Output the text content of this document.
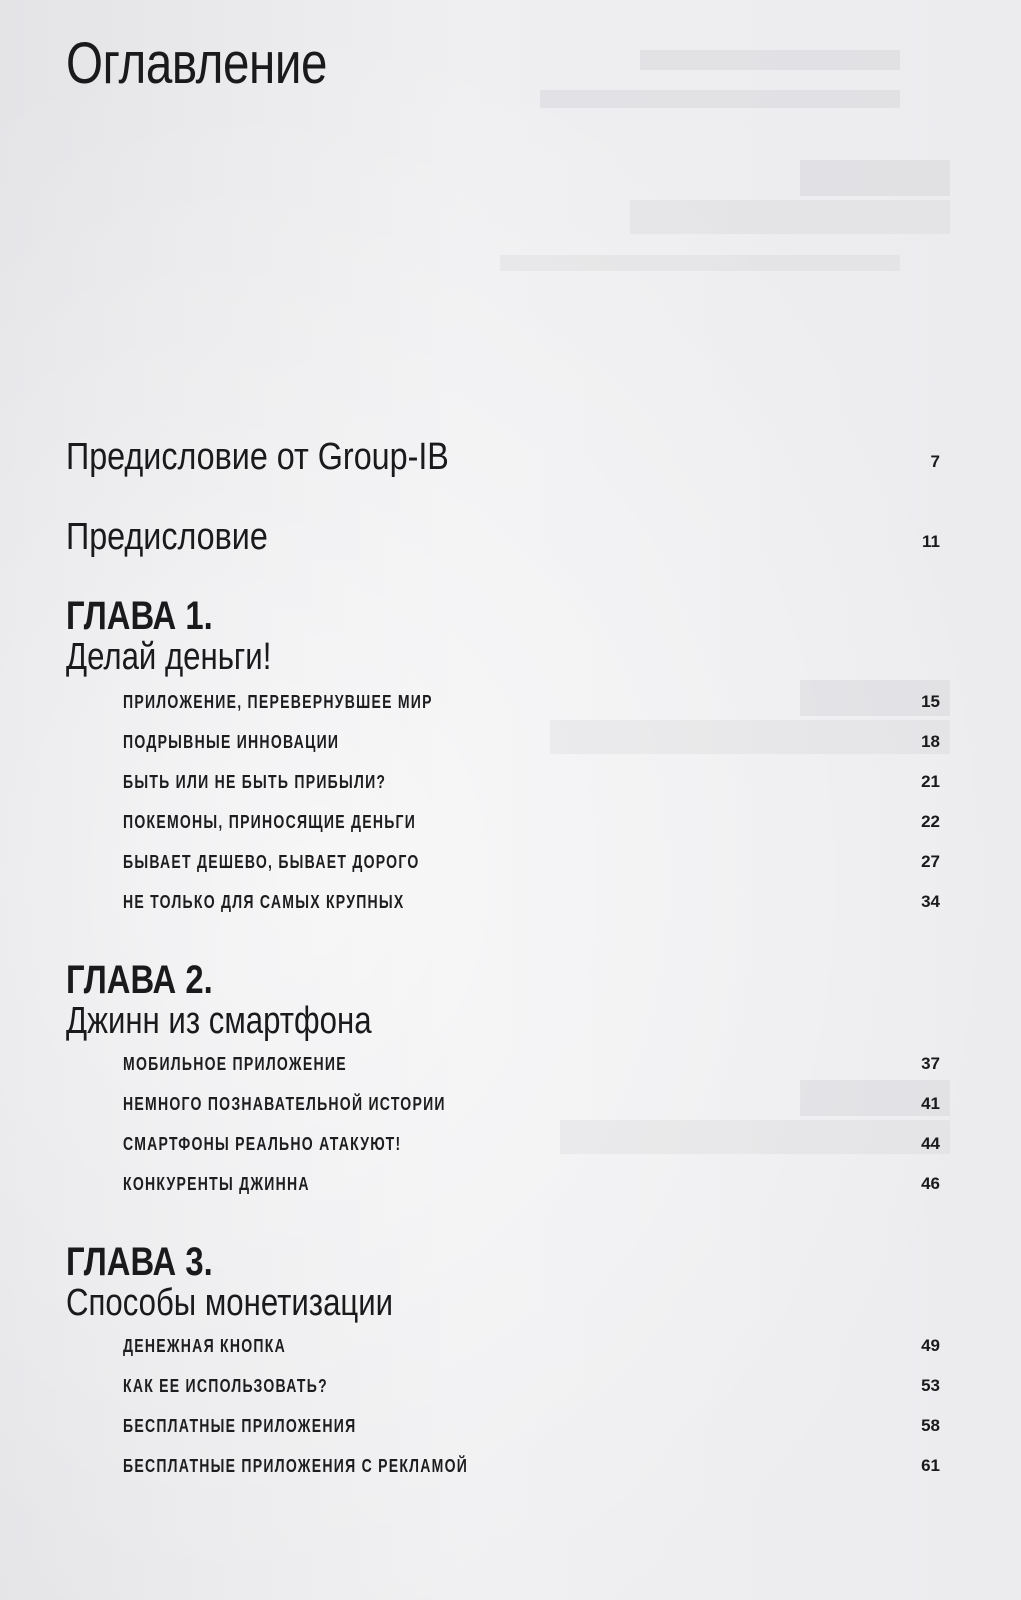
Оглавление
Предисловие от Group-IB	7
Предисловие	11
ГЛАВА 1.
Делай деньги!
ПРИЛОЖЕНИЕ, ПЕРЕВЕРНУВШЕЕ МИР	15
ПОДРЫВНЫЕ ИННОВАЦИИ	18
БЫТЬ ИЛИ НЕ БЫТЬ ПРИБЫЛИ?	21
ПОКЕМОНЫ, ПРИНОСЯЩИЕ ДЕНЬГИ	22
БЫВАЕТ ДЕШЕВО, БЫВАЕТ ДОРОГО	27
НЕ ТОЛЬКО ДЛЯ САМЫХ КРУПНЫХ	34
ГЛАВА 2.
Джинн из смартфона
МОБИЛЬНОЕ ПРИЛОЖЕНИЕ	37
НЕМНОГО ПОЗНАВАТЕЛЬНОЙ ИСТОРИИ	41
СМАРТФОНЫ РЕАЛЬНО АТАКУЮТ!	44
КОНКУРЕНТЫ ДЖИННА	46
ГЛАВА 3.
Способы монетизации
ДЕНЕЖНАЯ КНОПКА	49
КАК ЕЕ ИСПОЛЬЗОВАТЬ?	53
БЕСПЛАТНЫЕ ПРИЛОЖЕНИЯ	58
БЕСПЛАТНЫЕ ПРИЛОЖЕНИЯ С РЕКЛАМОЙ	61
